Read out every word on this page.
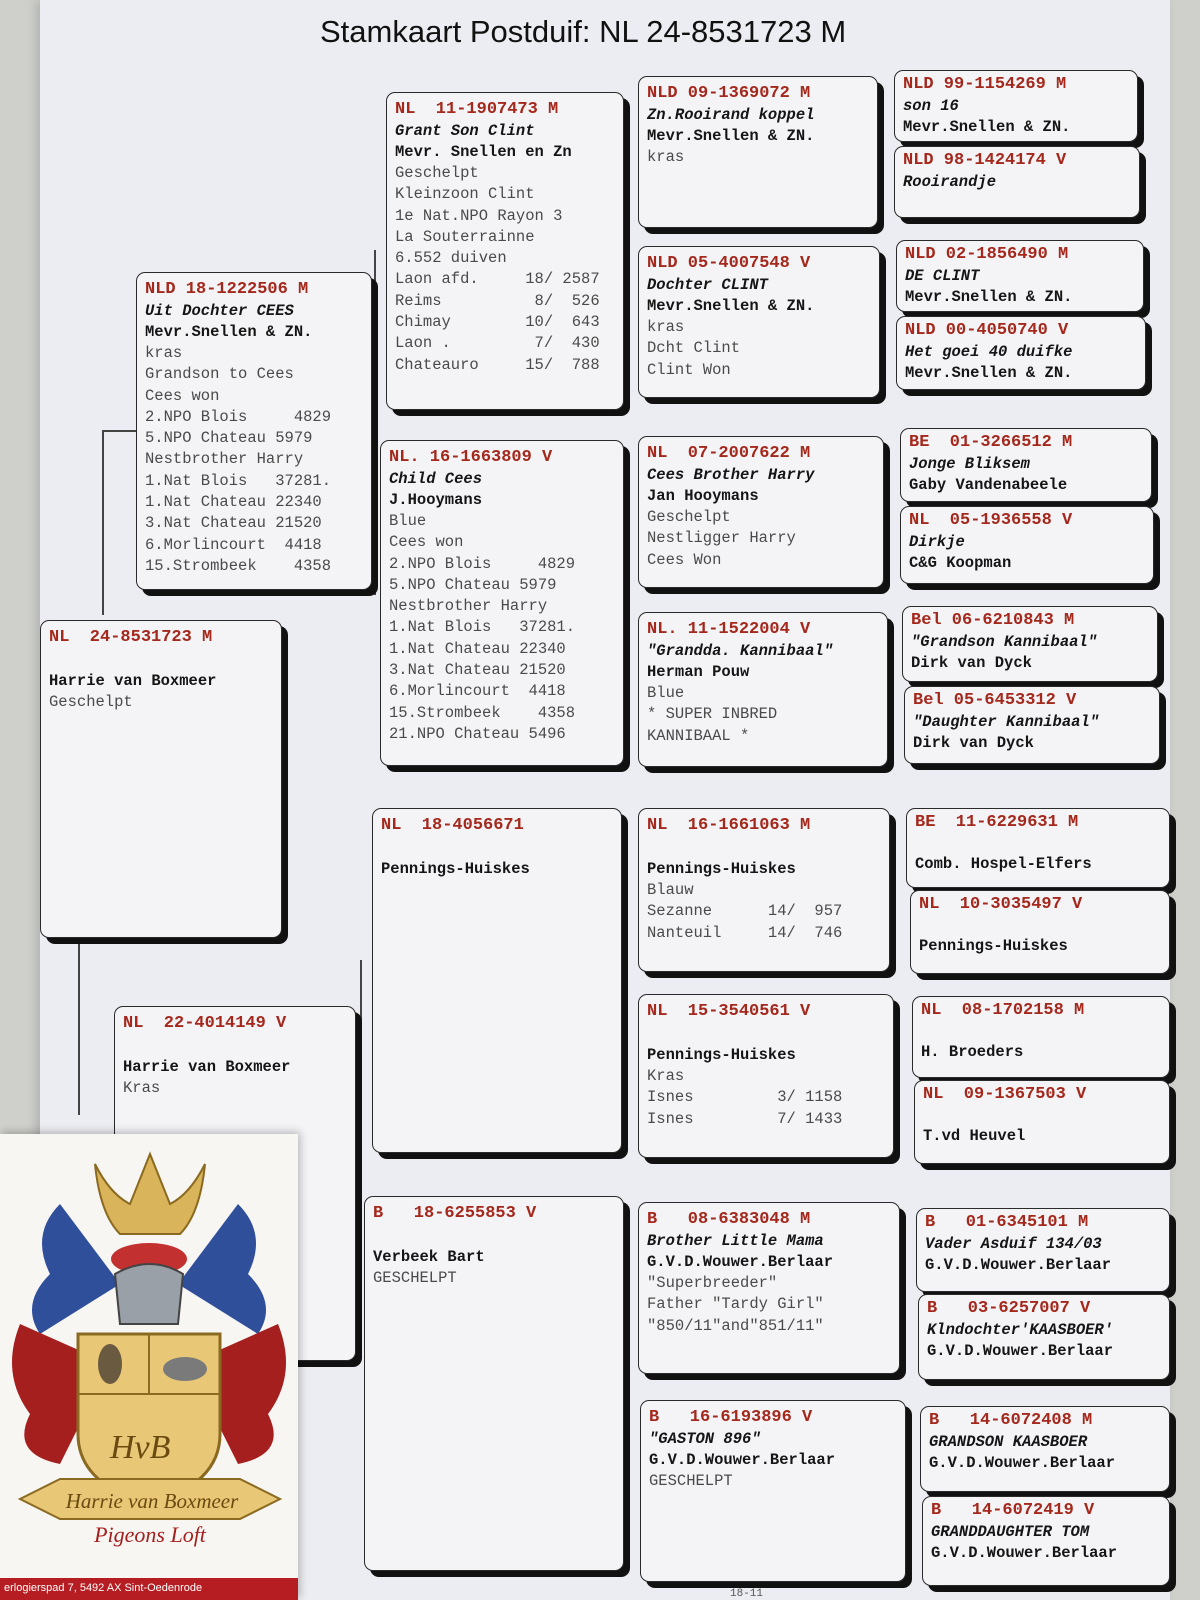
Stamkaart Postduif: NL 24-8531723 M
NL  24-8531723 M
Harrie van Boxmeer
Geschelpt
NLD 18-1222506 M
Uit Dochter CEES
Mevr.Snellen & ZN.
kras
Grandson to Cees
Cees won
2.NPO Blois     4829
5.NPO Chateau 5979
Nestbrother Harry
1.Nat Blois   37281.
1.Nat Chateau 22340
3.Nat Chateau 21520
6.Morlincourt  4418
15.Strombeek    4358
NL  22-4014149 V
Harrie van Boxmeer
Kras
NL  11-1907473 M
Grant Son Clint
Mevr. Snellen en Zn
Geschelpt
Kleinzoon Clint
1e Nat.NPO Rayon 3
La Souterrainne
6.552 duiven
Laon afd.     18/ 2587
Reims          8/  526
Chimay        10/  643
Laon .         7/  430
Chateauro     15/  788
NL. 16-1663809 V
Child Cees
J.Hooymans
Blue
Cees won
2.NPO Blois     4829
5.NPO Chateau 5979
Nestbrother Harry
1.Nat Blois   37281.
1.Nat Chateau 22340
3.Nat Chateau 21520
6.Morlincourt  4418
15.Strombeek    4358
21.NPO Chateau 5496
NL  18-4056671
Pennings-Huiskes
B   18-6255853 V
Verbeek Bart
GESCHELPT
NLD 09-1369072 M
Zn.Rooirand koppel
Mevr.Snellen & ZN.
kras
NLD 05-4007548 V
Dochter CLINT
Mevr.Snellen & ZN.
kras
Dcht Clint
Clint Won
NL  07-2007622 M
Cees Brother Harry
Jan Hooymans
Geschelpt
Nestligger Harry
Cees Won
NL. 11-1522004 V
"Grandda. Kannibaal"
Herman Pouw
Blue
* SUPER INBRED
KANNIBAAL *
NL  16-1661063 M
Pennings-Huiskes
Blauw
Sezanne      14/  957
Nanteuil     14/  746
NL  15-3540561 V
Pennings-Huiskes
Kras
Isnes         3/ 1158
Isnes         7/ 1433
B   08-6383048 M
Brother Little Mama
G.V.D.Wouwer.Berlaar
"Superbreeder"
Father "Tardy Girl"
"850/11"and"851/11"
B   16-6193896 V
"GASTON 896"
G.V.D.Wouwer.Berlaar
GESCHELPT
NLD 99-1154269 M
son 16
Mevr.Snellen & ZN.
NLD 98-1424174 V
Rooirandje
NLD 02-1856490 M
DE CLINT
Mevr.Snellen & ZN.
NLD 00-4050740 V
Het goei 40 duifke
Mevr.Snellen & ZN.
BE  01-3266512 M
Jonge Bliksem
Gaby Vandenabeele
NL  05-1936558 V
Dirkje
C&G Koopman
Bel 06-6210843 M
"Grandson Kannibaal"
Dirk van Dyck
Bel 05-6453312 V
"Daughter Kannibaal"
Dirk van Dyck
BE  11-6229631 M
Comb. Hospel-Elfers
NL  10-3035497 V
Pennings-Huiskes
NL  08-1702158 M
H. Broeders
NL  09-1367503 V
T.vd Heuvel
B   01-6345101 M
Vader Asduif 134/03
G.V.D.Wouwer.Berlaar
B   03-6257007 V
Klndochter'KAASBOER'
G.V.D.Wouwer.Berlaar
B   14-6072408 M
GRANDSON KAASBOER
G.V.D.Wouwer.Berlaar
B   14-6072419 V
GRANDDAUGHTER TOM
G.V.D.Wouwer.Berlaar
HvB
Harrie van Boxmeer
Pigeons Loft
erlogierspad 7, 5492 AX Sint-Oedenrode	18-11
